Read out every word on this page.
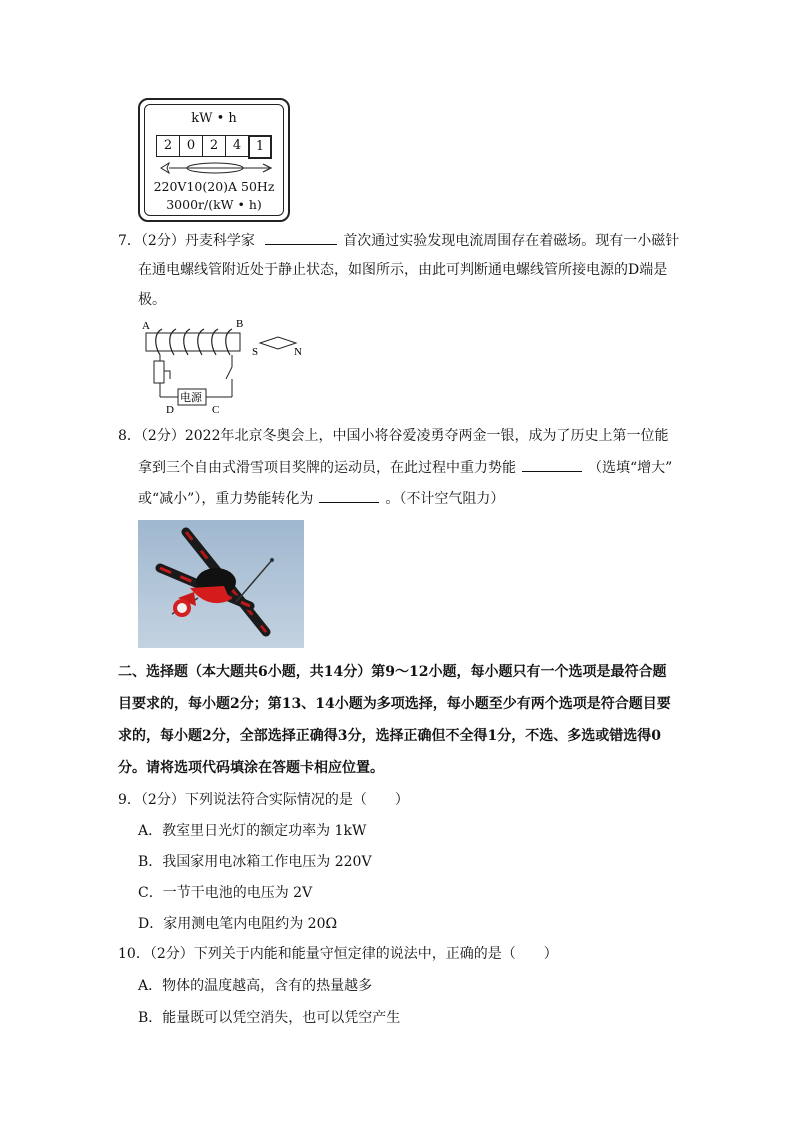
kW • h
2	0	2	4	1
220V10(20)A 50Hz
3000r/(kW • h)
7．（2分）丹麦科学家	首次通过实验发现电流周围存在着磁场。现有一小磁针
在通电螺线管附近处于静止状态，如图所示，由此可判断通电螺线管所接电源的D端是
极。
A	B
S	N
电源
D	C
8．（2分）2022年北京冬奥会上，中国小将谷爱凌勇夺两金一银，成为了历史上第一位能
拿到三个自由式滑雪项目奖牌的运动员，在此过程中重力势能	（选填“增大”
或“减小”），重力势能转化为	。（不计空气阻力）
二、选择题（本大题共6小题，共14分）第9～12小题，每小题只有一个选项是最符合题
目要求的，每小题2分；第13、14小题为多项选择，每小题至少有两个选项是符合题目要
求的，每小题2分，全部选择正确得3分，选择正确但不全得1分，不选、多选或错选得0
分。请将选项代码填涂在答题卡相应位置。
9．（2分）下列说法符合实际情况的是（　　）
A．教室里日光灯的额定功率为 1kW
B．我国家用电冰箱工作电压为 220V
C．一节干电池的电压为 2V
D．家用测电笔内电阻约为 20Ω
10．（2分）下列关于内能和能量守恒定律的说法中，正确的是（　　）
A．物体的温度越高，含有的热量越多
B．能量既可以凭空消失，也可以凭空产生
